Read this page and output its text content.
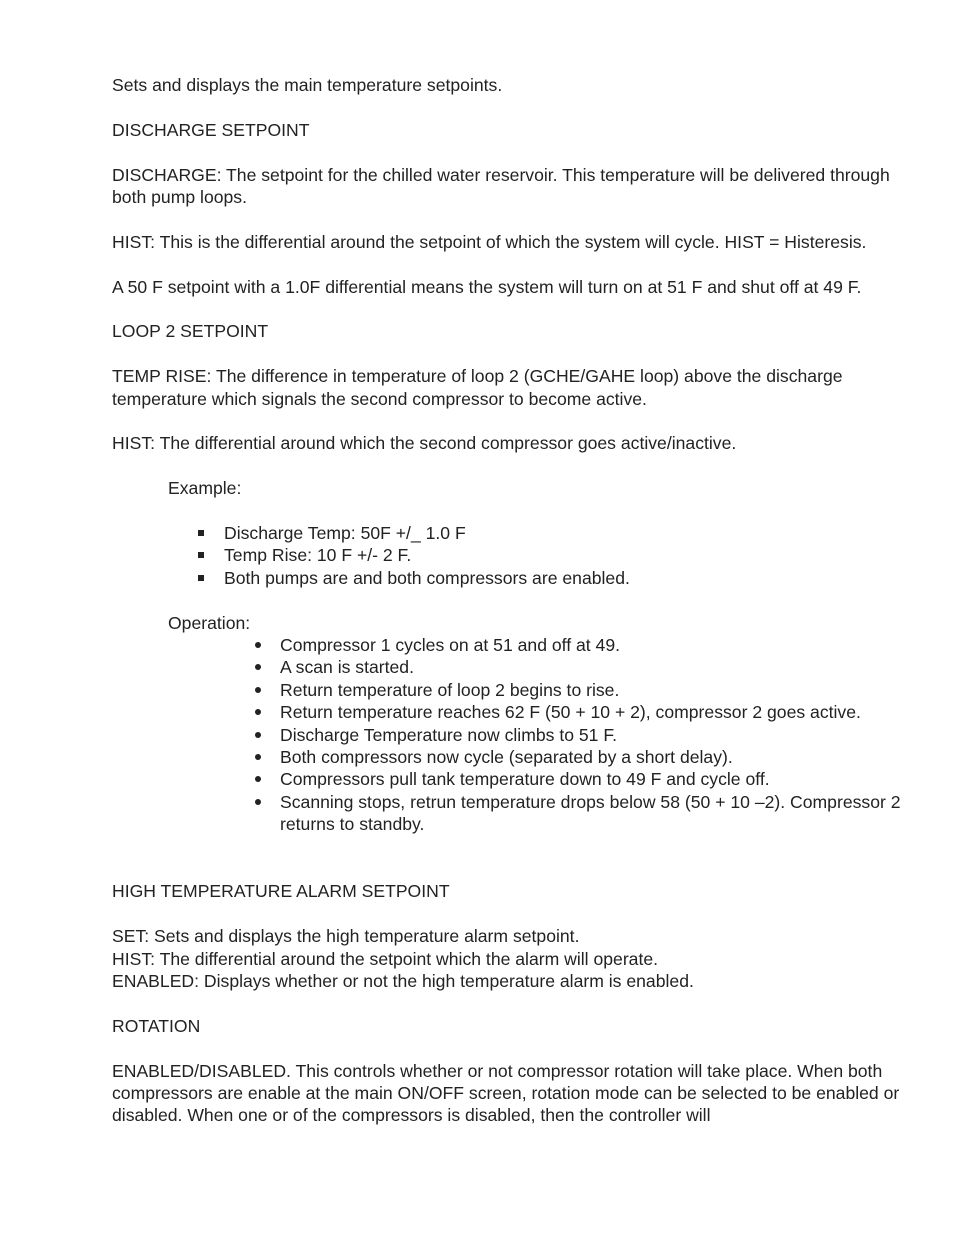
Sets and displays the main temperature setpoints.

DISCHARGE SETPOINT

DISCHARGE: The setpoint for the chilled water reservoir. This temperature will be delivered through both pump loops.

HIST: This is the differential around the setpoint of which the system will cycle. HIST = Histeresis.

A 50 F setpoint with a 1.0F differential means the system will turn on at 51 F and shut off at 49 F.

LOOP 2 SETPOINT

TEMP RISE: The difference in temperature of loop 2 (GCHE/GAHE loop) above the discharge temperature which signals the second compressor to become active.

HIST: The differential around which the second compressor goes active/inactive.

Example:

Discharge Temp: 50F +/_ 1.0 F
Temp Rise: 10 F +/- 2 F.
Both pumps are and both compressors are enabled.

Operation:

Compressor 1 cycles on at 51 and off at 49.
A scan is started.
Return temperature of loop 2 begins to rise.
Return temperature reaches 62 F (50 + 10 + 2), compressor 2 goes active.
Discharge Temperature now climbs to 51 F.
Both compressors now cycle (separated by a short delay).
Compressors pull tank temperature down to 49 F and cycle off.
Scanning stops, retrun temperature drops below 58 (50 + 10 –2). Compressor 2 returns to standby.

HIGH TEMPERATURE ALARM SETPOINT

SET: Sets and displays the high temperature alarm setpoint.
HIST: The differential around the setpoint which the alarm will operate.

ENABLED: Displays whether or not the high temperature alarm is enabled.

ROTATION

ENABLED/DISABLED. This controls whether or not compressor rotation will take place. When both compressors are enable at the main ON/OFF screen, rotation mode can be selected to be enabled or disabled. When one or of the compressors is disabled, then the controller will
